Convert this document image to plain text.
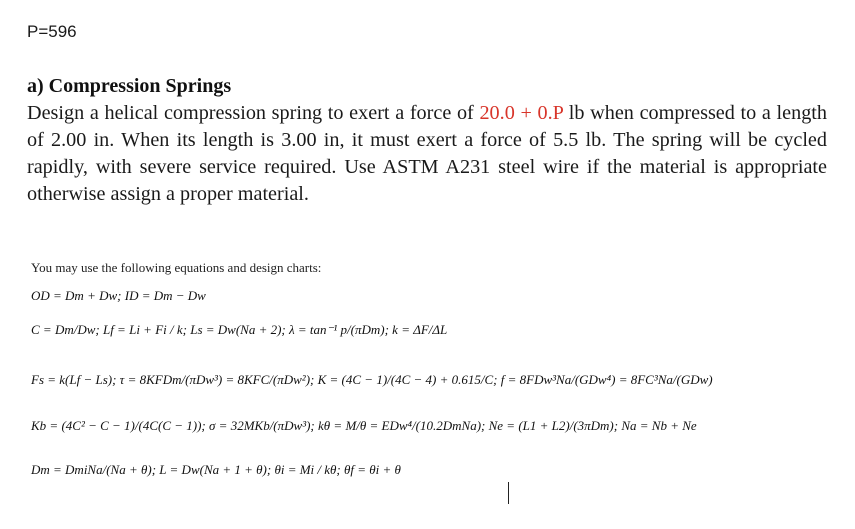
P=596
a) Compression Springs
Design a helical compression spring to exert a force of 20.0 + 0.P lb when compressed to a length of 2.00 in. When its length is 3.00 in, it must exert a force of 5.5 lb. The spring will be cycled rapidly, with severe service required. Use ASTM A231 steel wire if the material is appropriate otherwise assign a proper material.
You may use the following equations and design charts:
OD = Dm + Dw; ID = Dm − Dw
C = Dm/Dw; Lf = Li + Fi / k; Ls = Dw(Na + 2); λ = tan⁻¹ p/(πDm); k = ΔF/ΔL
Fs = k(Lf − Ls); τ = 8KFDm/(πDw³) = 8KFC/(πDw²); K = (4C − 1)/(4C − 4) + 0.615/C; f = 8FDw³Na/(GDw⁴) = 8FC³Na/(GDw)
Kb = (4C² − C − 1)/(4C(C − 1)); σ = 32MKb/(πDw³); kθ = M/θ = EDw⁴/(10.2DmNa); Ne = (L1 + L2)/(3πDm); Na = Nb + Ne
Dm = DmiNa/(Na + θ); L = Dw(Na + 1 + θ); θi = Mi / kθ; θf = θi + θ
